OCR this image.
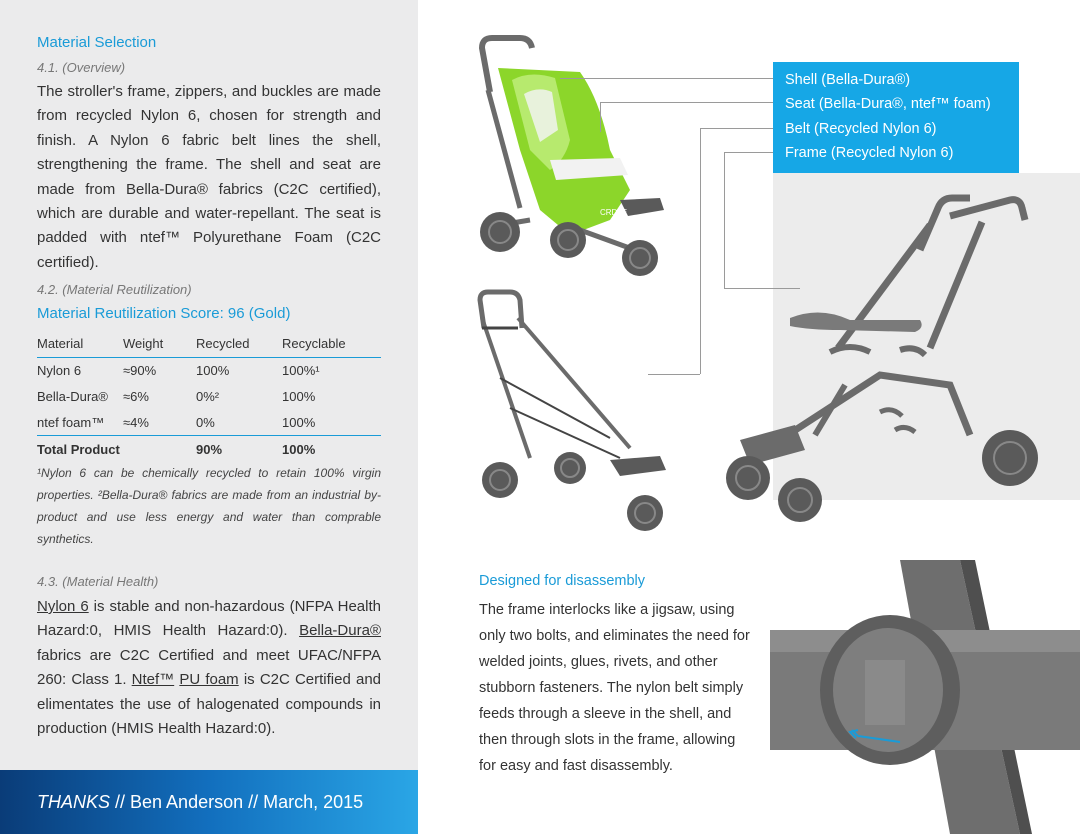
Material Selection
4.1. (Overview)

The stroller's frame, zippers, and buckles are made from recycled Nylon 6, chosen for strength and finish. A Nylon 6 fabric belt lines the shell, strengthening the frame. The shell and seat are made from Bella-Dura® fabrics (C2C certified), which are durable and water-repellant. The seat is padded with ntef™ Polyurethane Foam (C2C certified).

4.2. (Material Reutilization)
Material Reutilization Score: 96 (Gold)
Material	Weight	Recycled	Recyclable
Nylon 6	≈90%	100%	100%¹
Bella-Dura®	≈6%	0%²	100%
ntef foam™	≈4%	0%	100%
Total Product		90%	100%

¹Nylon 6 can be chemically recycled to retain 100% virgin properties. ²Bella-Dura® fabrics are made from an industrial by-product and use less energy and water than comprable synthetics.

4.3. (Material Health)

Nylon 6 is stable and non-hazardous (NFPA Health Hazard:0, HMIS Health Hazard:0). Bella-Dura® fabrics are C2C Certified and meet UFAC/NFPA 260: Class 1. Ntef™ PU foam is C2C Certified and elimentates the use of halogenated compounds in production (HMIS Health Hazard:0).

THANKS // Ben Anderson // March, 2015
CRDLE
Shell (Bella-Dura®)
Seat (Bella-Dura®, ntef™ foam)
Belt (Recycled Nylon 6)
Frame (Recycled Nylon 6)
Designed for disassembly

The frame interlocks like a jigsaw, using only two bolts, and eliminates the need for welded joints, glues, rivets, and other stubborn fasteners. The nylon belt simply feeds through a sleeve in the shell, and then through slots in the frame, allowing for easy and fast disassembly.
